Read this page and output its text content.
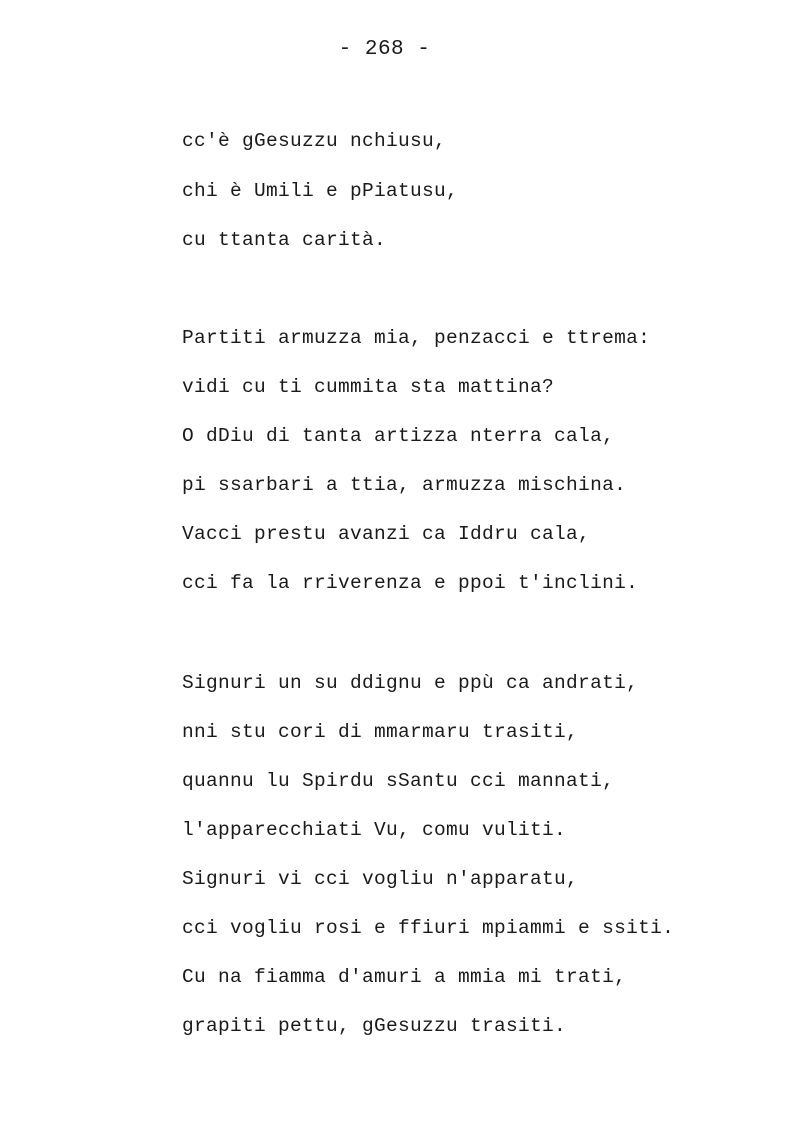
- 268 -
cc'è gGesuzzu nchiusu,
chi è Umili e pPiatusu,
cu ttanta carità.
Partiti armuzza mia, penzacci e ttrema:
vidi cu ti cummita sta mattina?
O dDiu di tanta artizza nterra cala,
pi ssarbari a ttia, armuzza mischina.
Vacci prestu avanzi ca Iddru cala,
cci fa la rriverenza e ppoi t'inclini.
Signuri un su ddignu e ppù ca andrati,
nni stu cori di mmarmaru trasiti,
quannu lu Spirdu sSantu cci mannati,
l'apparecchiati Vu, comu vuliti.
Signuri vi cci vogliu n'apparatu,
cci vogliu rosi e ffiuri mpiammi e ssiti.
Cu na fiamma d'amuri a mmia mi trati,
grapiti pettu, gGesuzzu trasiti.
